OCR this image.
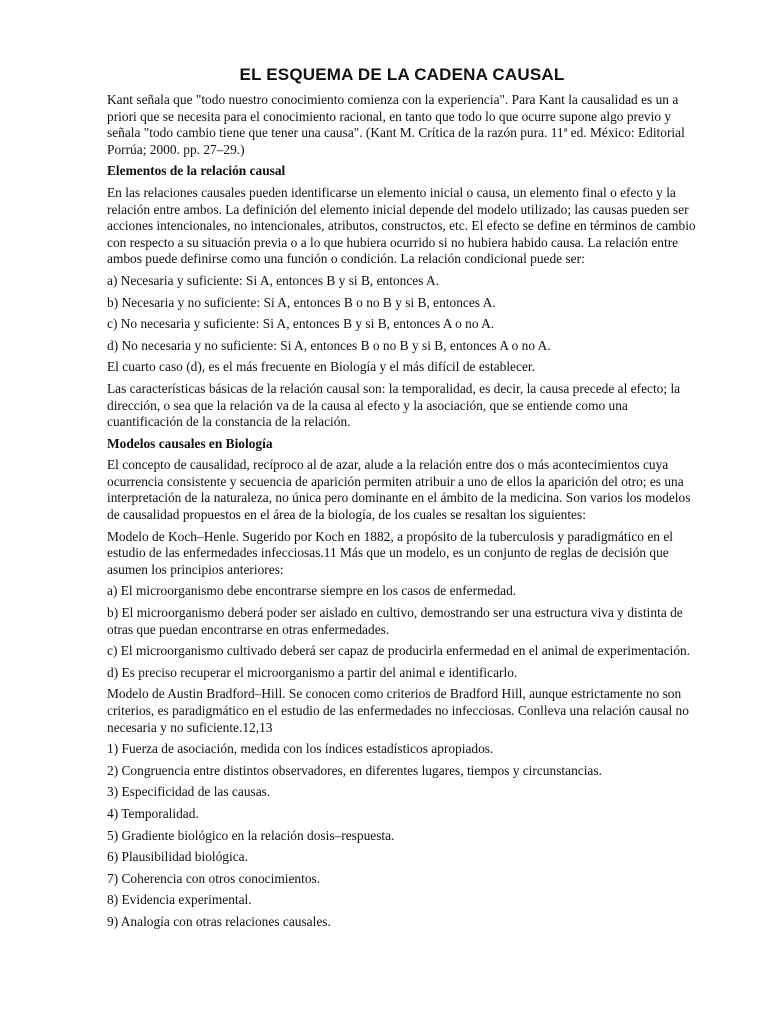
EL ESQUEMA DE LA CADENA CAUSAL

Kant señala que "todo nuestro conocimiento comienza con la experiencia". Para Kant la causalidad es un a priori que se necesita para el conocimiento racional, en tanto que todo lo que ocurre supone algo previo y señala "todo cambio tiene que tener una causa". (Kant M. Crítica de la razón pura. 11ª ed. México: Editorial Porrúa; 2000. pp. 27–29.)

Elementos de la relación causal

En las relaciones causales pueden identificarse un elemento inicial o causa, un elemento final o efecto y la relación entre ambos. La definición del elemento inicial depende del modelo utilizado; las causas pueden ser acciones intencionales, no intencionales, atributos, constructos, etc. El efecto se define en términos de cambio con respecto a su situación previa o a lo que hubiera ocurrido si no hubiera habido causa. La relación entre ambos puede definirse como una función o condición. La relación condicional puede ser:

a) Necesaria y suficiente: Si A, entonces B y si B, entonces A.
b) Necesaria y no suficiente: Si A, entonces B o no B y si B, entonces A.
c) No necesaria y suficiente: Si A, entonces B y si B, entonces A o no A.
d) No necesaria y no suficiente: Si A, entonces B o no B y si B, entonces A o no A.

El cuarto caso (d), es el más frecuente en Biología y el más difícil de establecer.

Las características básicas de la relación causal son: la temporalidad, es decir, la causa precede al efecto; la dirección, o sea que la relación va de la causa al efecto y la asociación, que se entiende como una cuantificación de la constancia de la relación.

Modelos causales en Biología

El concepto de causalidad, recíproco al de azar, alude a la relación entre dos o más acontecimientos cuya ocurrencia consistente y secuencia de aparición permiten atribuir a uno de ellos la aparición del otro; es una interpretación de la naturaleza, no única pero dominante en el ámbito de la medicina. Son varios los modelos de causalidad propuestos en el área de la biología, de los cuales se resaltan los siguientes:

Modelo de Koch–Henle. Sugerido por Koch en 1882, a propósito de la tuberculosis y paradigmático en el estudio de las enfermedades infecciosas.11 Más que un modelo, es un conjunto de reglas de decisión que asumen los principios anteriores:

a) El microorganismo debe encontrarse siempre en los casos de enfermedad.
b) El microorganismo deberá poder ser aislado en cultivo, demostrando ser una estructura viva y distinta de otras que puedan encontrarse en otras enfermedades.
c) El microorganismo cultivado deberá ser capaz de producirla enfermedad en el animal de experimentación.
d) Es preciso recuperar el microorganismo a partir del animal e identificarlo.

Modelo de Austin Bradford–Hill. Se conocen como criterios de Bradford Hill, aunque estrictamente no son criterios, es paradigmático en el estudio de las enfermedades no infecciosas. Conlleva una relación causal no necesaria y no suficiente.12,13

1) Fuerza de asociación, medida con los índices estadísticos apropiados.
2) Congruencia entre distintos observadores, en diferentes lugares, tiempos y circunstancias.
3) Especificidad de las causas.
4) Temporalidad.
5) Gradiente biológico en la relación dosis–respuesta.
6) Plausibilidad biológica.
7) Coherencia con otros conocimientos.
8) Evidencia experimental.
9) Analogía con otras relaciones causales.
